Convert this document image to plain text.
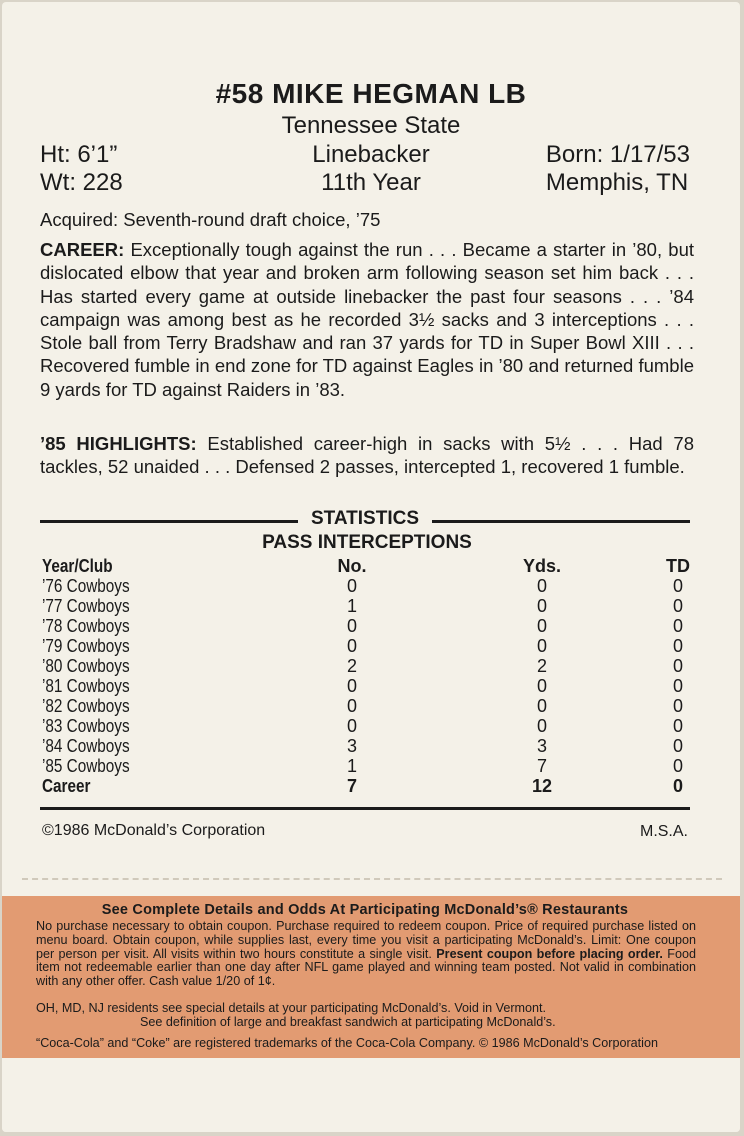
#58 MIKE HEGMAN LB
Tennessee State
Ht: 6’1”
Wt: 228
Linebacker
11th Year
Born: 1/17/53
Memphis, TN
Acquired: Seventh-round draft choice, ’75
CAREER: Exceptionally tough against the run . . . Became a starter in ’80, but dislocated elbow that year and broken arm following season set him back . . . Has started every game at outside linebacker the past four seasons . . . ’84 campaign was among best as he recorded 3½ sacks and 3 interceptions . . . Stole ball from Terry Bradshaw and ran 37 yards for TD in Super Bowl XIII . . . Recovered fumble in end zone for TD against Eagles in ’80 and returned fumble 9 yards for TD against Raiders in ’83.
’85 HIGHLIGHTS: Established career-high in sacks with 5½ . . . Had 78 tackles, 52 unaided . . . Defensed 2 passes, intercepted 1, recovered 1 fumble.
STATISTICS
PASS INTERCEPTIONS
Year/Club	No.	Yds.	TD
’76 Cowboys	0	0	0
’77 Cowboys	1	0	0
’78 Cowboys	0	0	0
’79 Cowboys	0	0	0
’80 Cowboys	2	2	0
’81 Cowboys	0	0	0
’82 Cowboys	0	0	0
’83 Cowboys	0	0	0
’84 Cowboys	3	3	0
’85 Cowboys	1	7	0
Career	7	12	0
©1986 McDonald’s Corporation	M.S.A.
See Complete Details and Odds At Participating McDonald’s® Restaurants
No purchase necessary to obtain coupon. Purchase required to redeem coupon. Price of required purchase listed on menu board. Obtain coupon, while supplies last, every time you visit a participating McDonald’s. Limit: One coupon per person per visit. All visits within two hours constitute a single visit. Present coupon before placing order. Food item not redeemable earlier than one day after NFL game played and winning team posted. Not valid in combination with any other offer. Cash value 1/20 of 1¢.
OH, MD, NJ residents see special details at your participating McDonald’s. Void in Vermont.
See definition of large and breakfast sandwich at participating McDonald’s.
“Coca-Cola” and “Coke” are registered trademarks of the Coca-Cola Company. © 1986 McDonald’s Corporation
